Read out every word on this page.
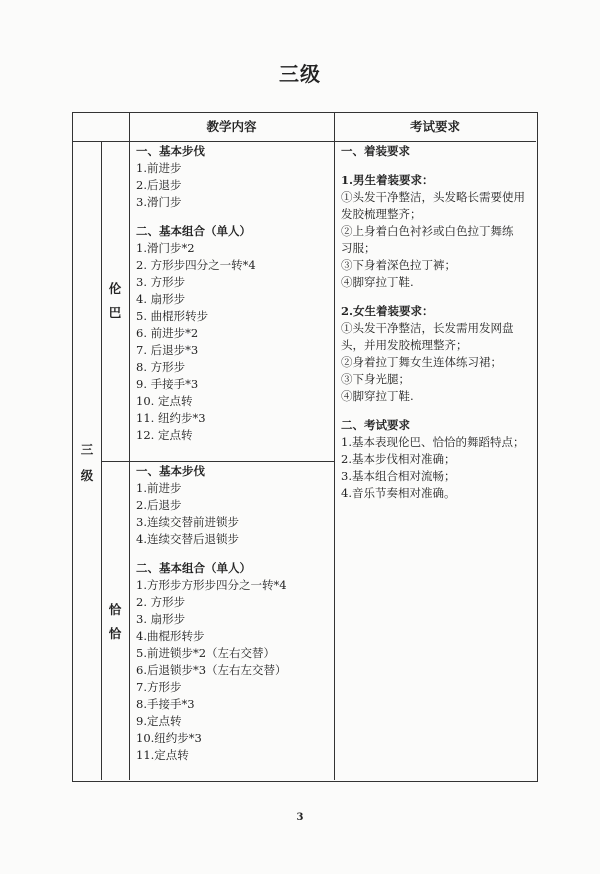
三级
教学内容	考试要求
三
级
伦
巴
恰
恰
一、基本步伐
1.前进步
2.后退步
3.滑门步
二、基本组合（单人）
1.滑门步*2
2. 方形步四分之一转*4
3. 方形步
4. 扇形步
5. 曲棍形转步
6. 前进步*2
7. 后退步*3
8. 方形步
9. 手接手*3
10. 定点转
11. 纽约步*3
12. 定点转
一、基本步伐
1.前进步
2.后退步
3.连续交替前进锁步
4.连续交替后退锁步
二、基本组合（单人）
1.方形步方形步四分之一转*4
2. 方形步
3. 扇形步
4.曲棍形转步
5.前进锁步*2（左右交替）
6.后退锁步*3（左右左交替）
7.方形步
8.手接手*3
9.定点转
10.纽约步*3
11.定点转
一、着装要求
1.男生着装要求：
①头发干净整洁，头发略长需要使用
发胶梳理整齐；
②上身着白色衬衫或白色拉丁舞练
习服；
③下身着深色拉丁裤；
④脚穿拉丁鞋.
2.女生着装要求：
①头发干净整洁，长发需用发网盘
头，并用发胶梳理整齐；
②身着拉丁舞女生连体练习裙；
③下身光腿；
④脚穿拉丁鞋.
二、考试要求
1.基本表现伦巴、恰恰的舞蹈特点；
2.基本步伐相对准确；
3.基本组合相对流畅；
4.音乐节奏相对准确。
3
